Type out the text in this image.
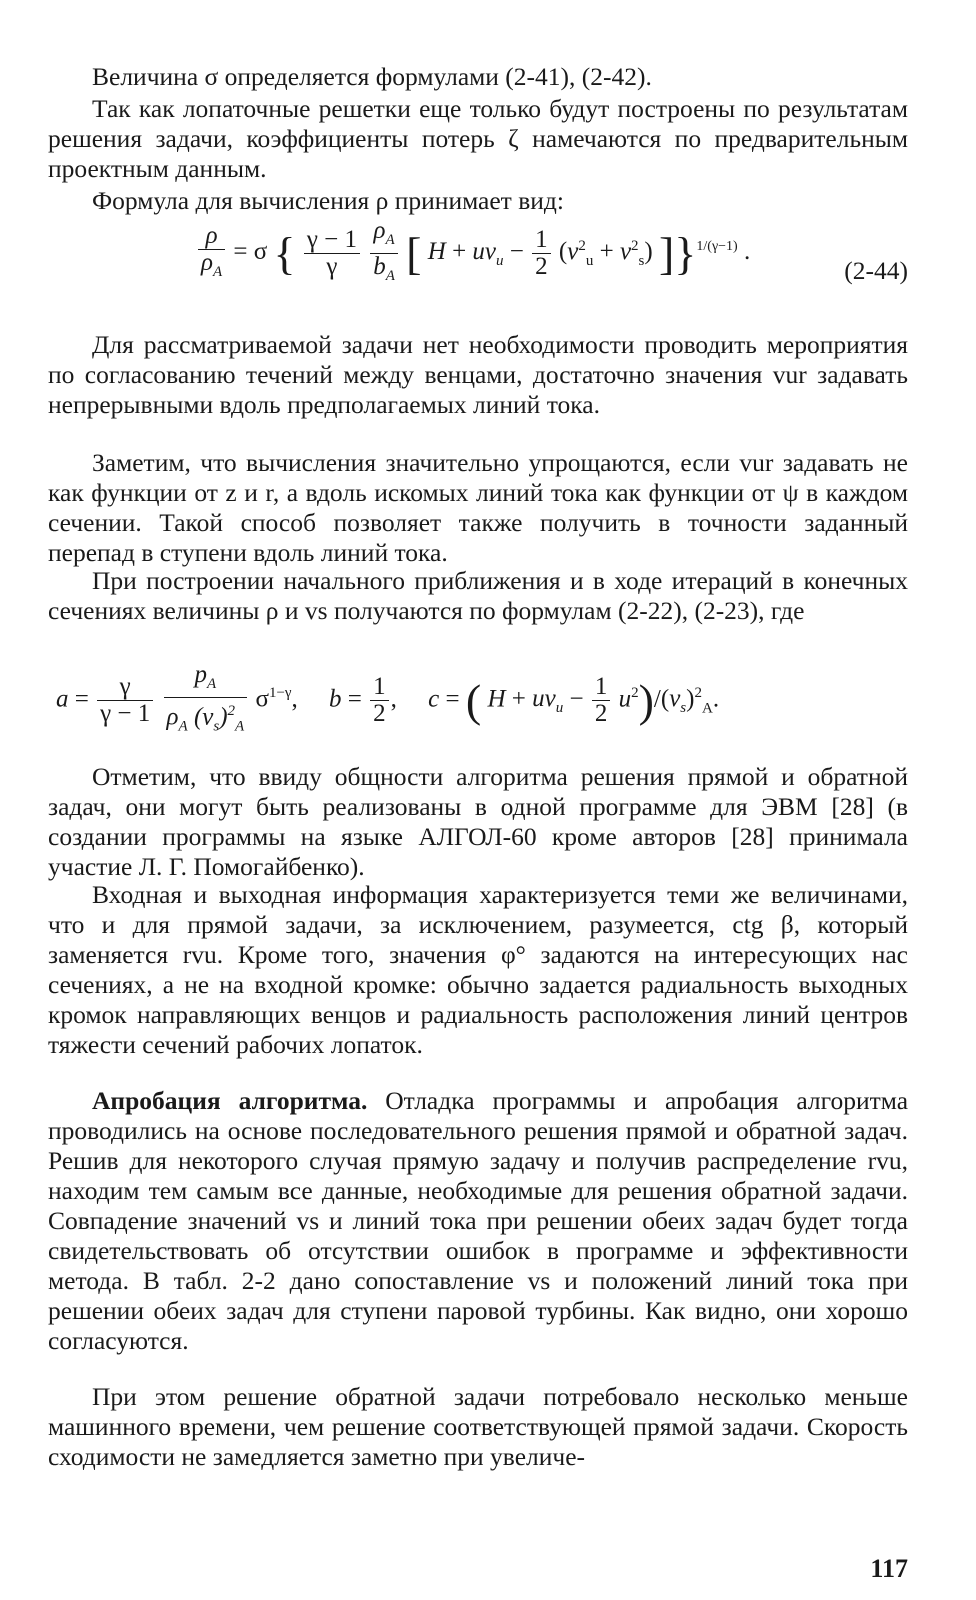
Величина σ определяется формулами (2-41), (2-42).

Так как лопаточные решетки еще только будут построены по результатам решения задачи, коэффициенты потерь ζ намечаются по предварительным проектным данным.

Формула для вычисления ρ принимает вид:

$\frac{\rho}{\rho_A} = \sigma$ { $\frac{\gamma - 1}{\gamma}$
$\frac{\rho_A}{b_A}$ [ $H + uv_u - \frac{1}{2} (v^2_u + v^2_s)$ ]}$^{1/(\gamma-1)}$ .
(2-44)

Для рассматриваемой задачи нет необходимости проводить мероприятия по согласованию течений между венцами, достаточно значения vur задавать непрерывными вдоль предполагаемых линий тока.

Заметим, что вычисления значительно упрощаются, если vur задавать не как функции от z и r, а вдоль искомых линий тока как функции от ψ в каждом сечении. Такой способ позволяет также получить в точности заданный перепад в ступени вдоль линий тока.

При построении начального приближения и в ходе итераций в конечных сечениях величины ρ и vs получаются по формулам (2-22), (2-23), где

$a = \frac{\gamma}{\gamma - 1}$
$\frac{p_A}{\rho_A (v_s)^2_A} \sigma^{1-\gamma}$,     $b = \frac{1}{2}$ ,     c = ( $H + uv_u - \frac{1}{2} u^2)/(v_s)^2_A$.

Отметим, что ввиду общности алгоритма решения прямой и обратной задач, они могут быть реализованы в одной программе для ЭВМ [28] (в создании программы на языке АЛГОЛ-60 кроме авторов [28] принимала участие Л. Г. Помогайбенко).

Входная и выходная информация характеризуется теми же величинами, что и для прямой задачи, за исключением, разумеется, ctg β, который заменяется rvu. Кроме того, значения φ° задаются на интересующих нас сечениях, а не на входной кромке: обычно задается радиальность выходных кромок направляющих венцов и радиальность расположения линий центров тяжести сечений рабочих лопаток.

Апробация алгоритма. Отладка программы и апробация алгоритма проводились на основе последовательного решения прямой и обратной задач. Решив для некоторого случая прямую задачу и получив распределение rvu, находим тем самым все данные, необходимые для решения обратной задачи. Совпадение значений vs и линий тока при решении обеих задач будет тогда свидетельствовать об отсутствии ошибок в программе и эффективности метода. В табл. 2-2 дано сопоставление vs и положений линий тока при решении обеих задач для ступени паровой турбины. Как видно, они хорошо согласуются.

При этом решение обратной задачи потребовало несколько меньше машинного времени, чем решение соответствующей прямой задачи. Скорость сходимости не замедляется заметно при увеличе-

117
